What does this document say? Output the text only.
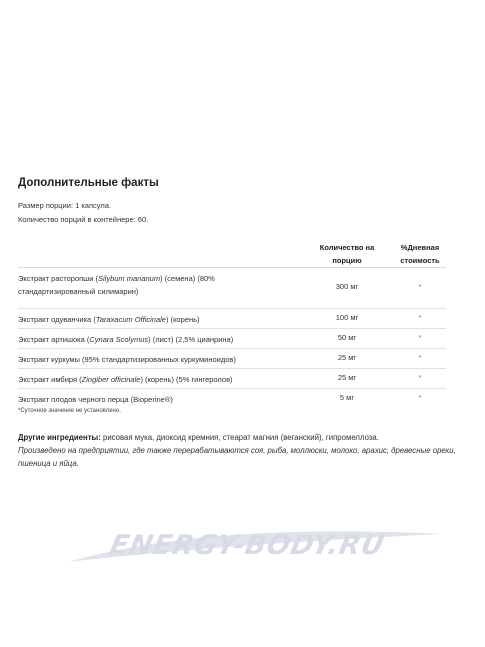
Дополнительные факты
Размер порции: 1 капсула.
Количество порций в контейнере: 60.
Количество на
порцию
%Дневная
стоимость
Экстракт расторопши (Silybum marianum) (семена) (80%
стандартизированный силимарин)
300 мг	*
Экстракт одуванчика (Taraxacum Officinale) (корень)	100 мг	*
Экстракт артишока (Cynara Scolymus) (лист) (2,5% цианрина)	50 мг	*
Экстракт куркумы (95% стандартизированных куркуминоидов)	25 мг	*
Экстракт имбиря (Zingiber officinale) (корень) (5% гингеролов)	25 мг	*
Экстракт плодов черного перца (Bioperine®)	5 мг	*
*Суточное значение не установлено.
Другие ингредиенты: рисовая мука, диоксид кремния, стеарат магния (веганский), гипромеллоза.
Произведено на предприятии, где также перерабатываются соя, рыба, моллюски, молоко, арахис, древесные орехи, пшеница и яйца.
ENERGY-BODY.RU
